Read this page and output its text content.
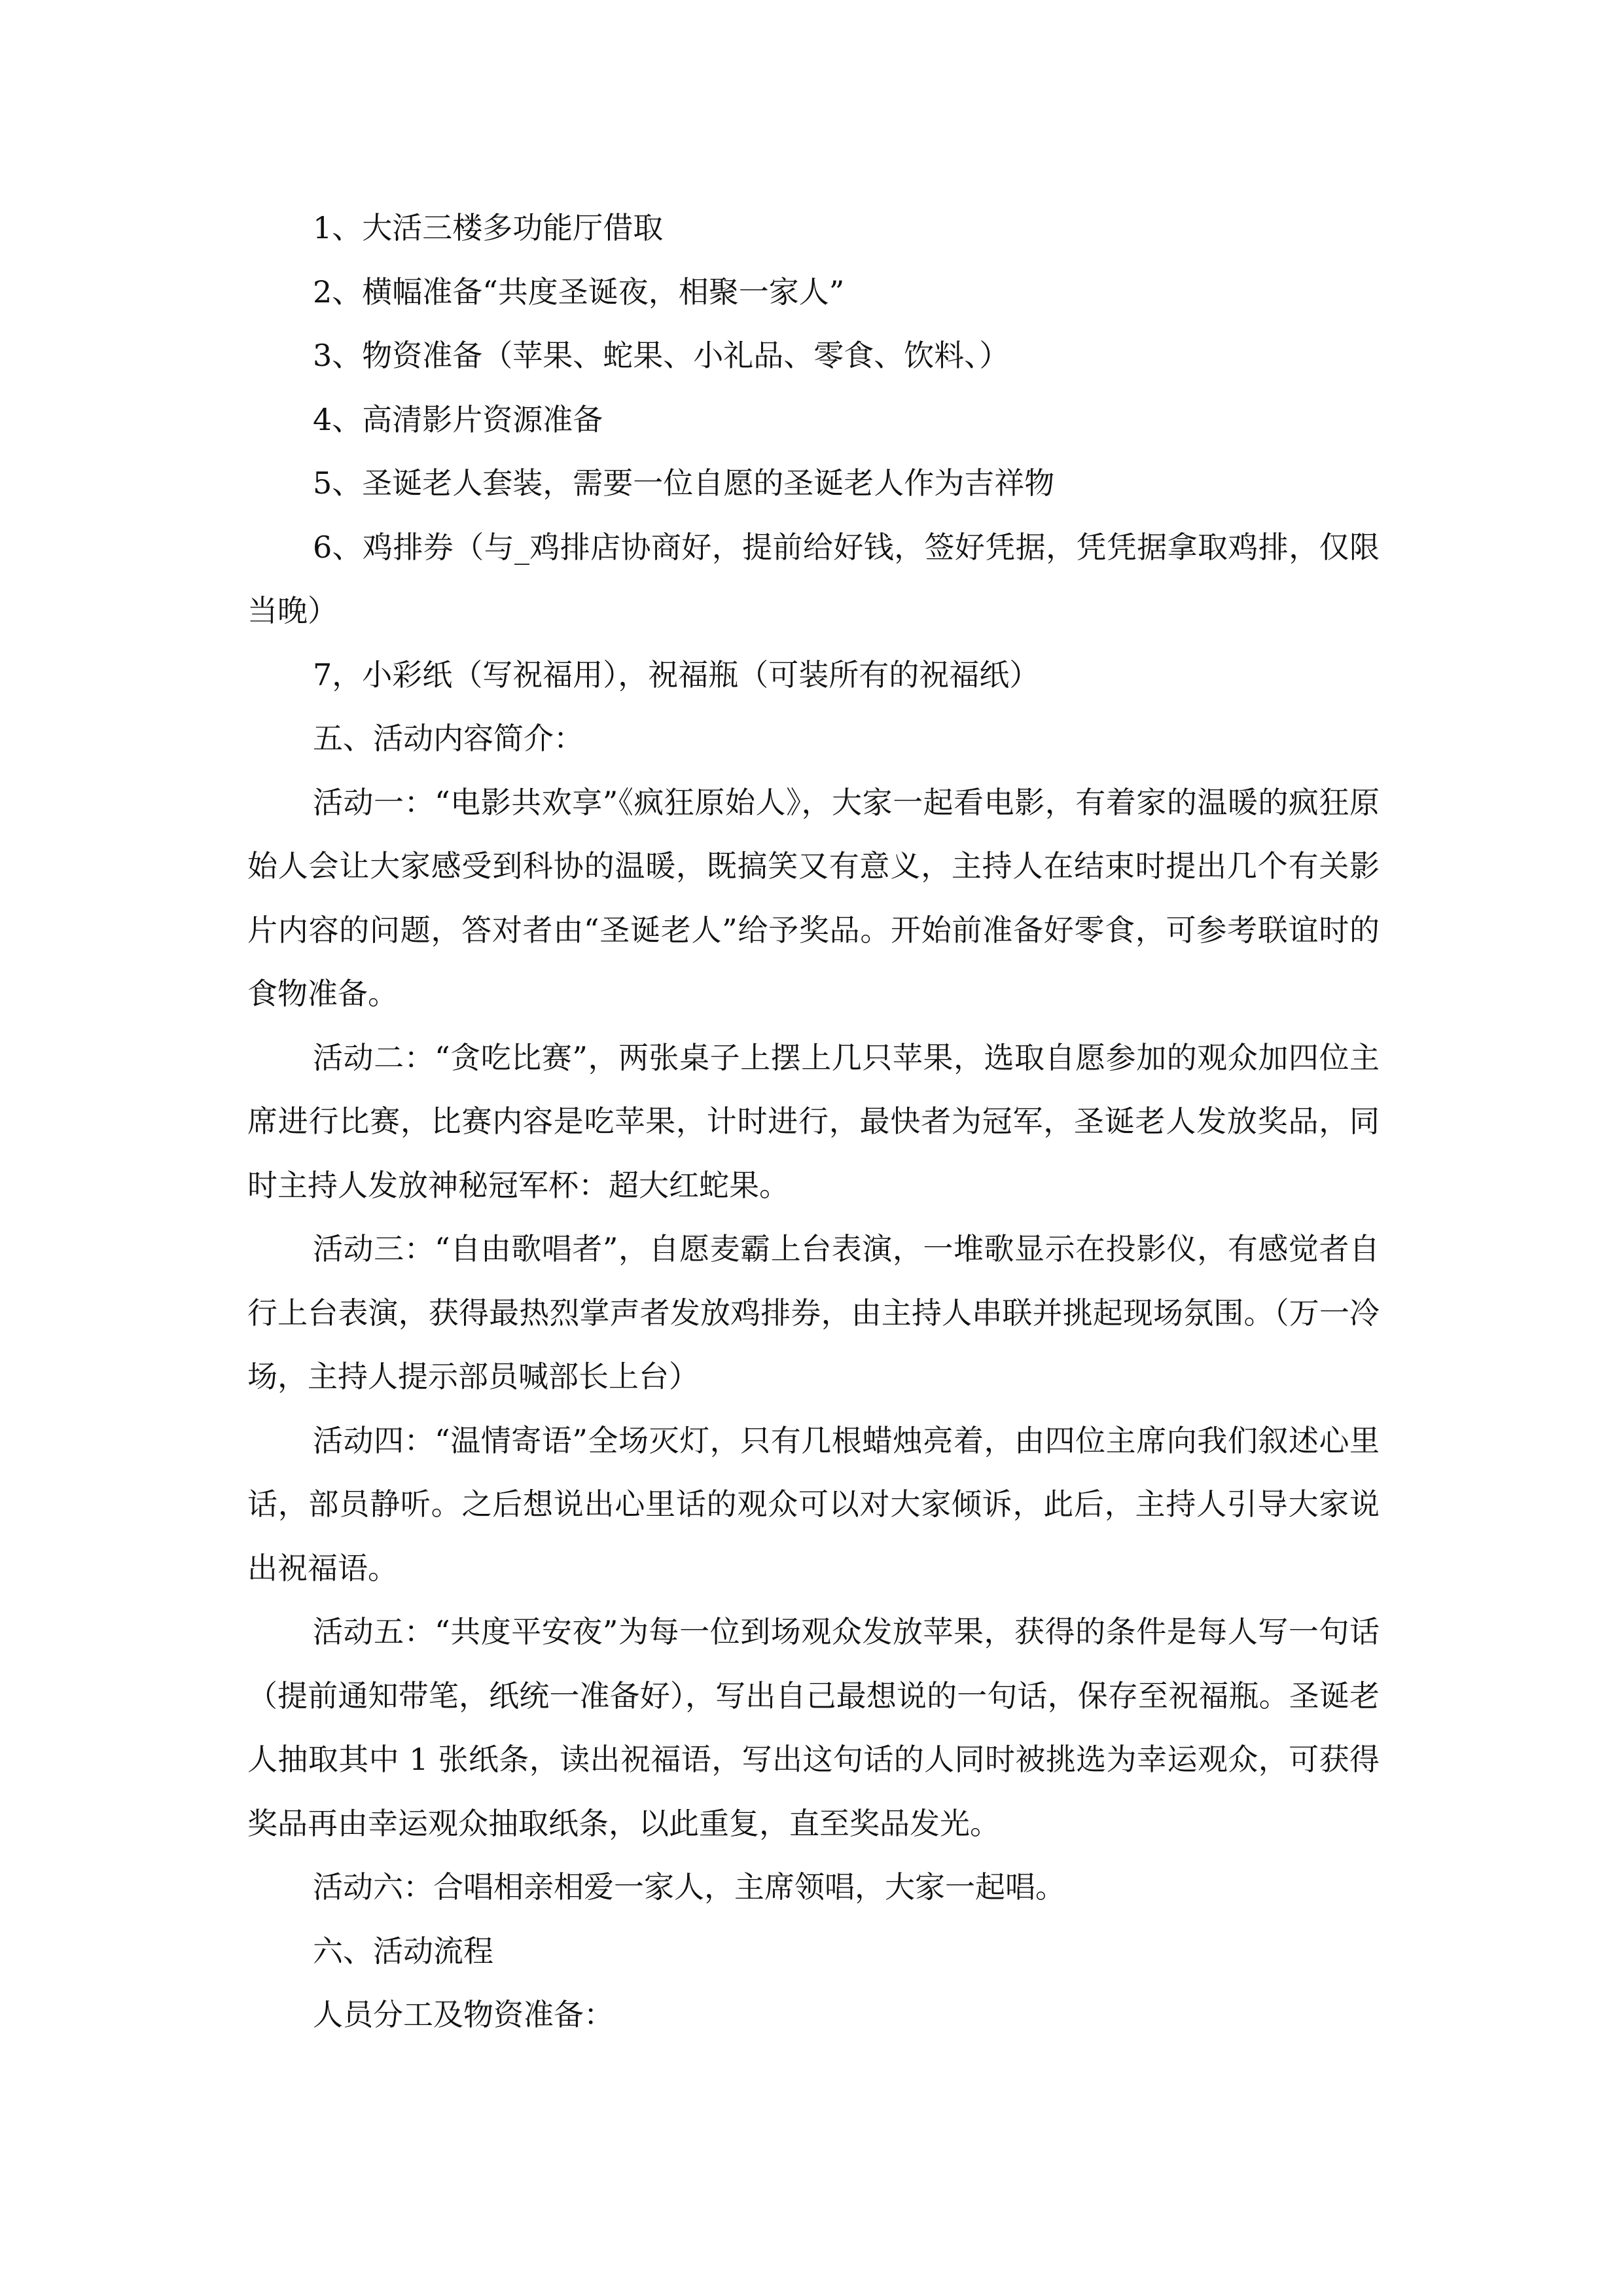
1、大活三楼多功能厅借取

2、横幅准备“共度圣诞夜，相聚一家人”

3、物资准备（苹果、蛇果、小礼品、零食、饮料、）

4、高清影片资源准备

5、圣诞老人套装，需要一位自愿的圣诞老人作为吉祥物

6、鸡排券（与_鸡排店协商好，提前给好钱，签好凭据，凭凭据拿取鸡排，仅限当晚）

7，小彩纸（写祝福用），祝福瓶（可装所有的祝福纸）

五、活动内容简介：

活动一：“电影共欢享”《疯狂原始人》，大家一起看电影，有着家的温暖的疯狂原始人会让大家感受到科协的温暖，既搞笑又有意义，主持人在结束时提出几个有关影片内容的问题，答对者由“圣诞老人”给予奖品。开始前准备好零食，可参考联谊时的食物准备。

活动二：“贪吃比赛”，两张桌子上摆上几只苹果，选取自愿参加的观众加四位主席进行比赛，比赛内容是吃苹果，计时进行，最快者为冠军，圣诞老人发放奖品，同时主持人发放神秘冠军杯：超大红蛇果。

活动三：“自由歌唱者”，自愿麦霸上台表演，一堆歌显示在投影仪，有感觉者自行上台表演，获得最热烈掌声者发放鸡排券，由主持人串联并挑起现场氛围。（万一冷场，主持人提示部员喊部长上台）

活动四：“温情寄语”全场灭灯，只有几根蜡烛亮着，由四位主席向我们叙述心里话，部员静听。之后想说出心里话的观众可以对大家倾诉，此后，主持人引导大家说出祝福语。

活动五：“共度平安夜”为每一位到场观众发放苹果，获得的条件是每人写一句话（提前通知带笔，纸统一准备好），写出自己最想说的一句话，保存至祝福瓶。圣诞老人抽取其中 1 张纸条，读出祝福语，写出这句话的人同时被挑选为幸运观众，可获得奖品再由幸运观众抽取纸条，以此重复，直至奖品发光。

活动六：合唱相亲相爱一家人，主席领唱，大家一起唱。

六、活动流程

人员分工及物资准备：
